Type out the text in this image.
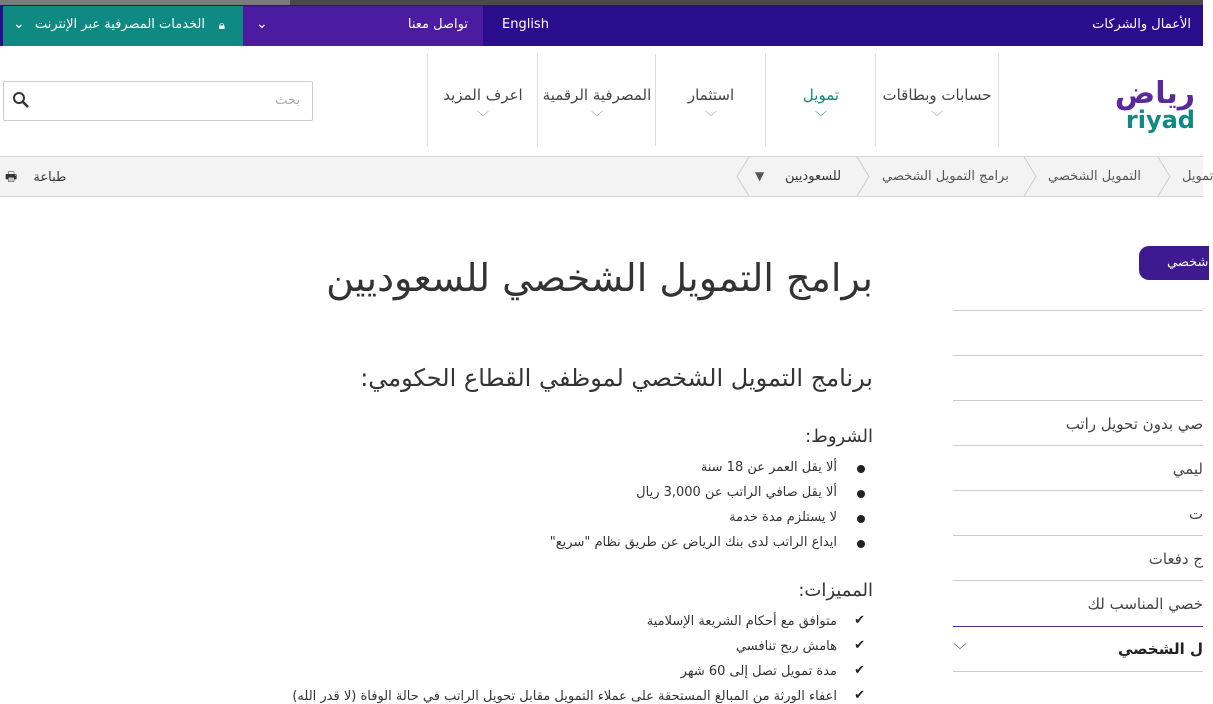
⌄ الخدمات المصرفية عبر الإنترنت 🔒︎ ⌄	تواصل معنا	English	الأعمال والشركات
بحث	اعرف المزيد
﹀
المصرفية الرقمية
﹀
استثمار
﹀
تمويل
﹀
حسابات وبطاقات
﹀
رياض
riyad
🖶 طباعة	▼ للسعوديين	برامج التمويل الشخصي	التمويل الشخصي	تمويل
شخصي
صي بدون تحويل راتب
ليمي
ت
ج دفعات
خصي المناسب لك
ل الشخصي
﹀
برامج التمويل الشخصي للسعوديين
برنامج التمويل الشخصي لموظفي القطاع الحكومي:
الشروط:
ألا يقل العمر عن 18 سنة
ألا يقل صافي الراتب عن 3,000 ريال
لا يستلزم مدة خدمة
ايداع الراتب لدى بنك الرياض عن طريق نظام "سريع"
المميزات:
✔
متوافق مع أحكام الشريعة الإسلامية
✔
هامش ربح تنافسي
✔
مدة تمويل تصل إلى 60 شهر
✔
اعفاء الورثة من المبالغ المستحقة على عملاء التمويل مقابل تحويل الراتب في حالة الوفاة (لا قدر الله)
